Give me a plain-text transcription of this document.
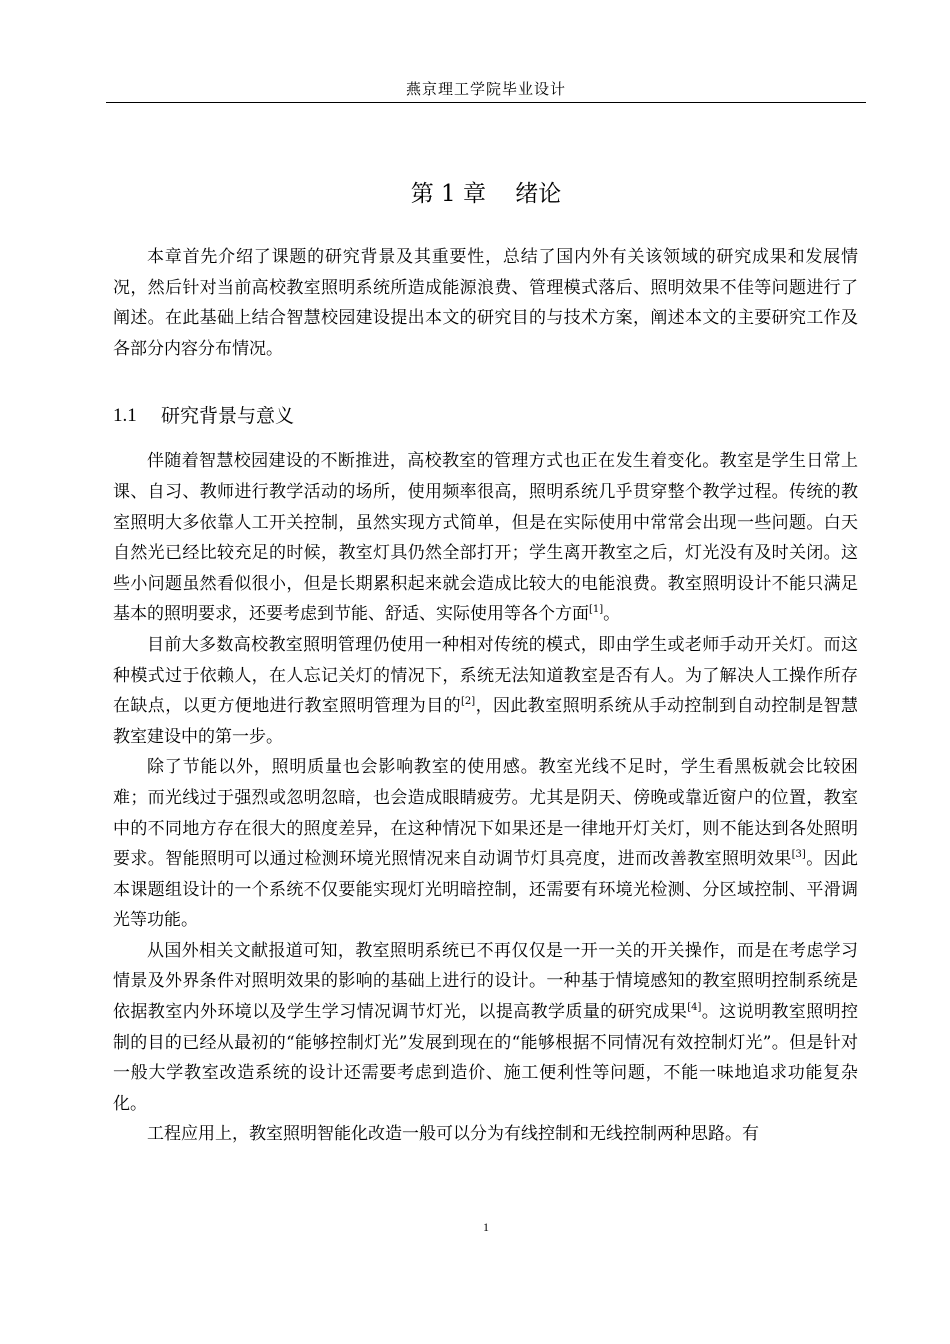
燕京理工学院毕业设计
第 1 章    绪论

本章首先介绍了课题的研究背景及其重要性，总结了国内外有关该领域的研究成果和发展情况，然后针对当前高校教室照明系统所造成能源浪费、管理模式落后、照明效果不佳等问题进行了阐述。在此基础上结合智慧校园建设提出本文的研究目的与技术方案，阐述本文的主要研究工作及各部分内容分布情况。

1.1	研究背景与意义

伴随着智慧校园建设的不断推进，高校教室的管理方式也正在发生着变化。教室是学生日常上课、自习、教师进行教学活动的场所，使用频率很高，照明系统几乎贯穿整个教学过程。传统的教室照明大多依靠人工开关控制，虽然实现方式简单，但是在实际使用中常常会出现一些问题。白天自然光已经比较充足的时候，教室灯具仍然全部打开；学生离开教室之后，灯光没有及时关闭。这些小问题虽然看似很小，但是长期累积起来就会造成比较大的电能浪费。教室照明设计不能只满足基本的照明要求，还要考虑到节能、舒适、实际使用等各个方面[1]。

目前大多数高校教室照明管理仍使用一种相对传统的模式，即由学生或老师手动开关灯。而这种模式过于依赖人，在人忘记关灯的情况下，系统无法知道教室是否有人。为了解决人工操作所存在缺点，以更方便地进行教室照明管理为目的[2]，因此教室照明系统从手动控制到自动控制是智慧教室建设中的第一步。

除了节能以外，照明质量也会影响教室的使用感。教室光线不足时，学生看黑板就会比较困难；而光线过于强烈或忽明忽暗，也会造成眼睛疲劳。尤其是阴天、傍晚或靠近窗户的位置，教室中的不同地方存在很大的照度差异，在这种情况下如果还是一律地开灯关灯，则不能达到各处照明要求。智能照明可以通过检测环境光照情况来自动调节灯具亮度，进而改善教室照明效果[3]。因此本课题组设计的一个系统不仅要能实现灯光明暗控制，还需要有环境光检测、分区域控制、平滑调光等功能。

从国外相关文献报道可知，教室照明系统已不再仅仅是一开一关的开关操作，而是在考虑学习情景及外界条件对照明效果的影响的基础上进行的设计。一种基于情境感知的教室照明控制系统是依据教室内外环境以及学生学习情况调节灯光，以提高教学质量的研究成果[4]。这说明教室照明控制的目的已经从最初的“能够控制灯光”发展到现在的“能够根据不同情况有效控制灯光”。但是针对一般大学教室改造系统的设计还需要考虑到造价、施工便利性等问题，不能一味地追求功能复杂化。

工程应用上，教室照明智能化改造一般可以分为有线控制和无线控制两种思路。有

1
